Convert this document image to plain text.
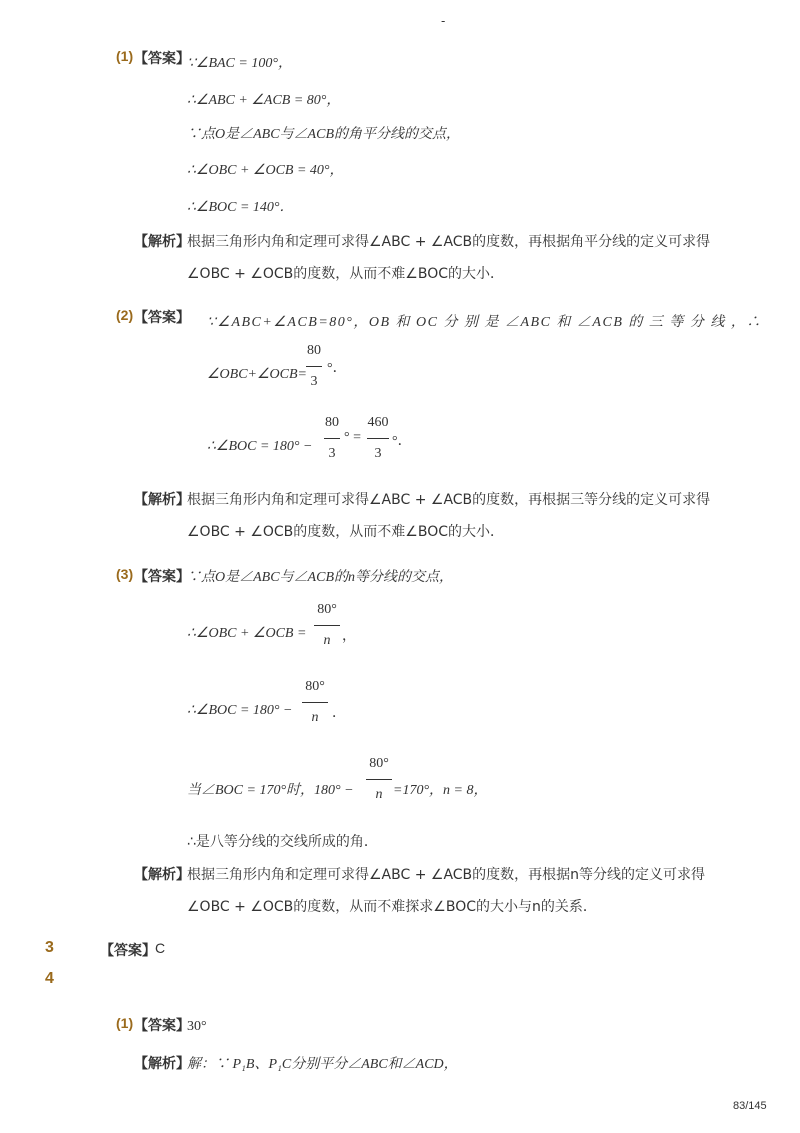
-
(1) 【答案】
∵∠BAC = 100°，
∴∠ABC + ∠ACB = 80°，
∵点O是∠ABC与∠ACB的角平分线的交点，
∴∠OBC + ∠OCB = 40°，
∴∠BOC = 140°．
【解析】
根据三角形内角和定理可求得∠ABC + ∠ACB的度数，再根据角平分线的定义可求得
∠OBC + ∠OCB的度数，从而不难∠BOC的大小．
(2) 【答案】 ∵∠ABC+∠ACB=80°，OB 和 OC 分 别 是 ∠ABC 和 ∠ACB 的 三 等 分 线 ，∴
∠OBC+∠OCB=
80
3
°．
∴∠BOC = 180° −
80
3
° =
460
3
°．
【解析】
根据三角形内角和定理可求得∠ABC + ∠ACB的度数，再根据三等分线的定义可求得
∠OBC + ∠OCB的度数，从而不难∠BOC的大小．
(3) 【答案】
∵点O是∠ABC与∠ACB的n等分线的交点，
∴∠OBC + ∠OCB =
80°
n ，
∴∠BOC = 180° −
80°
n ．
当∠BOC = 170°时，180° −
80°
n =170°，n = 8，
∴是八等分线的交线所成的角．
【解析】
根据三角形内角和定理可求得∠ABC + ∠ACB的度数，再根据n等分线的定义可求得
∠OBC + ∠OCB的度数，从而不难探求∠BOC的大小与n的关系．
3	【答案】 C
4
(1) 【答案】
30°
【解析】
解：∵ P₁B、P₁C分别平分∠ABC和∠ACD，
83/145
